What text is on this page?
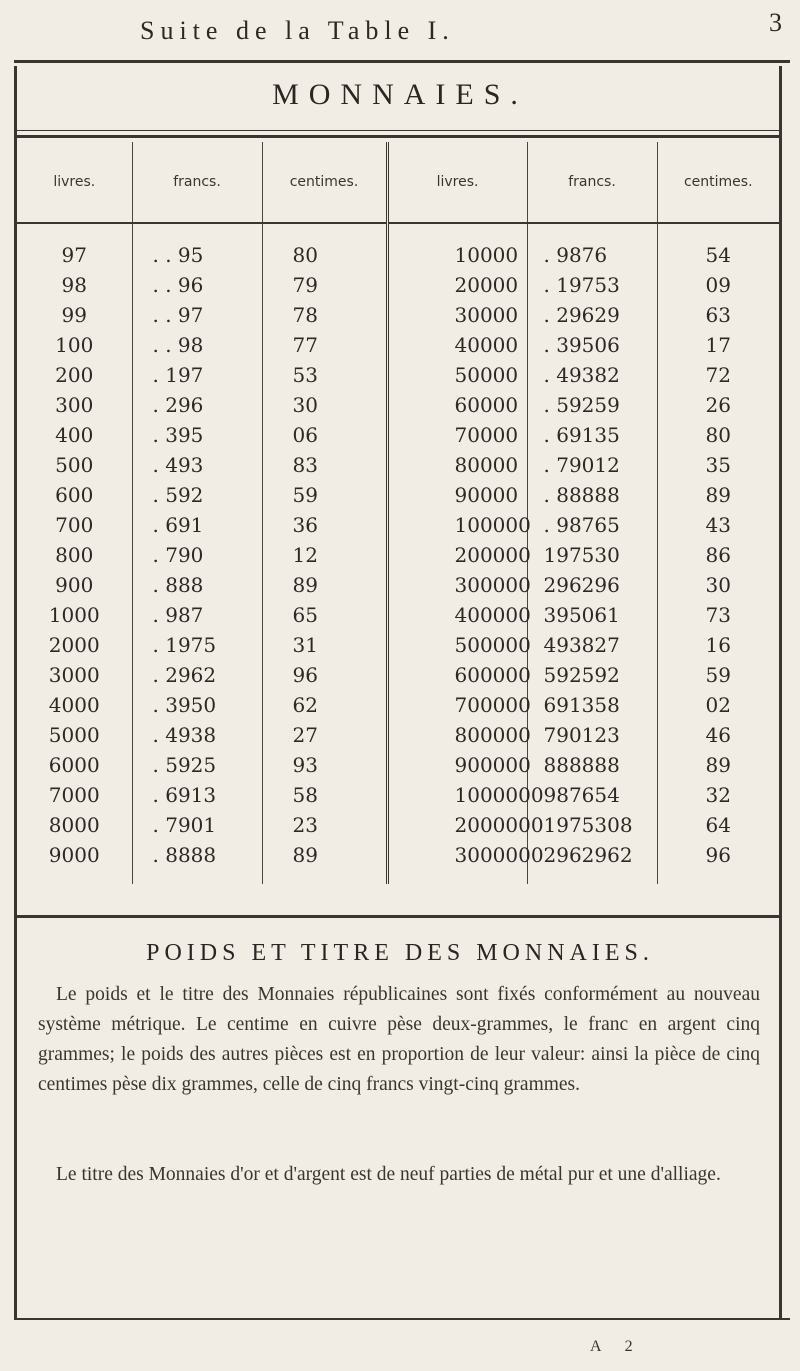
Suite de la Table I.	3
MONNAIES.
livres.	francs.	centimes.	livres.	francs.	centimes.
97	. . 95	80	10000	. 9876	54
98	. . 96	79	20000	. 19753	09
99	. . 97	78	30000	. 29629	63
100	. . 98	77	40000	. 39506	17
200	. 197	53	50000	. 49382	72
300	. 296	30	60000	. 59259	26
400	. 395	06	70000	. 69135	80
500	. 493	83	80000	. 79012	35
600	. 592	59	90000	. 88888	89
700	. 691	36	100000	. 98765	43
800	. 790	12	200000	197530	86
900	. 888	89	300000	296296	30
1000	. 987	65	400000	395061	73
2000	. 1975	31	500000	493827	16
3000	. 2962	96	600000	592592	59
4000	. 3950	62	700000	691358	02
5000	. 4938	27	800000	790123	46
6000	. 5925	93	900000	888888	89
7000	. 6913	58	1000000	987654	32
8000	. 7901	23	2000000	1975308	64
9000	. 8888	89	3000000	2962962	96
POIDS ET TITRE DES MONNAIES.

Le poids et le titre des Monnaies républicaines sont fixés conformément au nouveau système métrique. Le centime en cuivre pèse deux-grammes, le franc en argent cinq grammes; le poids des autres pièces est en proportion de leur valeur: ainsi la pièce de cinq centimes pèse dix grammes, celle de cinq francs vingt-cinq grammes.

Le titre des Monnaies d'or et d'argent est de neuf parties de métal pur et une d'alliage.

A 2
